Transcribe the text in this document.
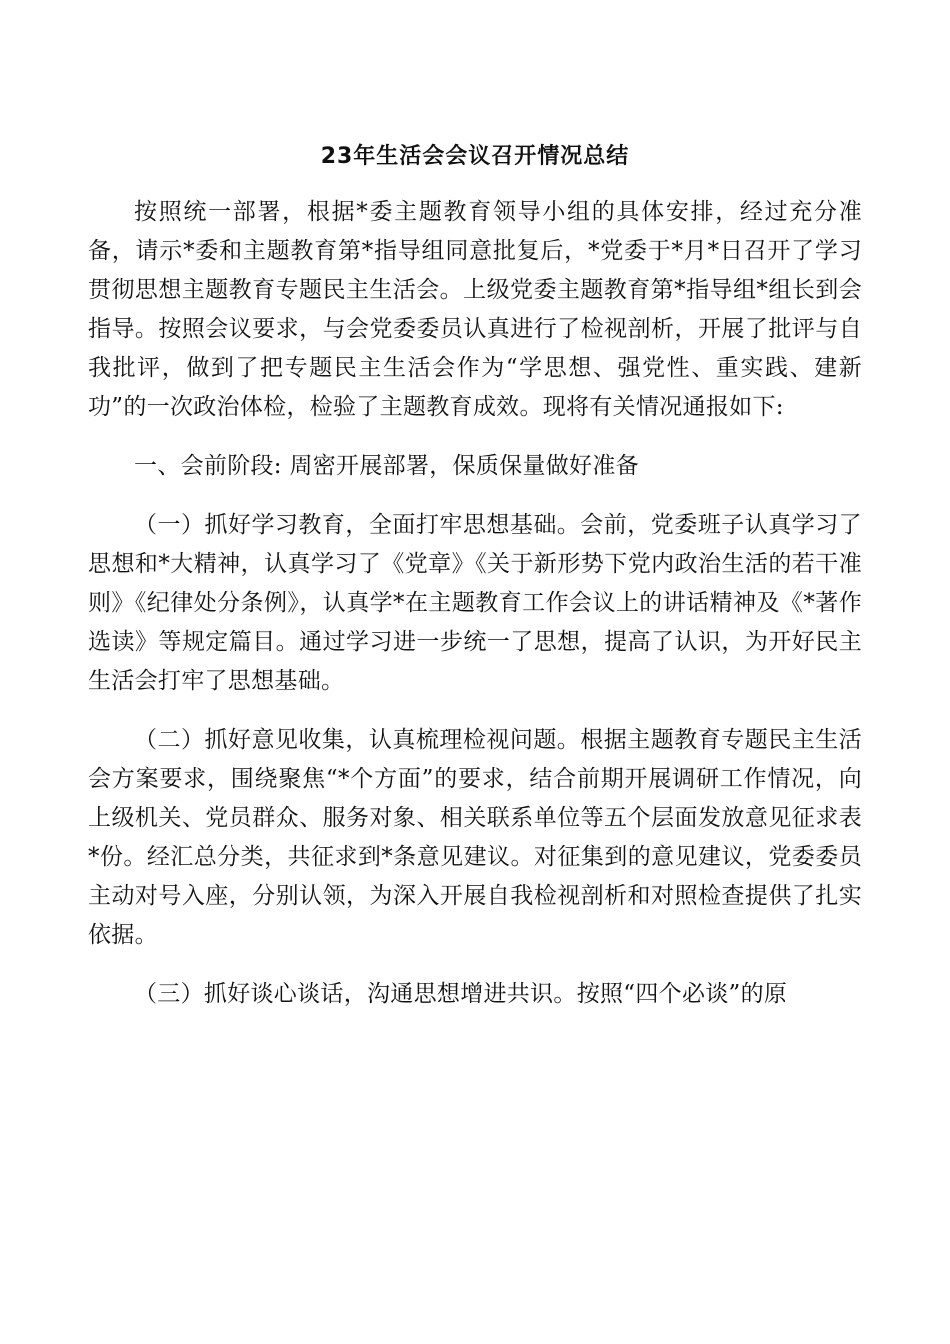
23年生活会会议召开情况总结

按照统一部署，根据*委主题教育领导小组的具体安排，经过充分准备，请示*委和主题教育第*指导组同意批复后，*党委于*月*日召开了学习贯彻思想主题教育专题民主生活会。上级党委主题教育第*指导组*组长到会指导。按照会议要求，与会党委委员认真进行了检视剖析，开展了批评与自我批评，做到了把专题民主生活会作为“学思想、强党性、重实践、建新功”的一次政治体检，检验了主题教育成效。现将有关情况通报如下:

一、会前阶段: 周密开展部署，保质保量做好准备

（一）抓好学习教育，全面打牢思想基础。会前，党委班子认真学习了思想和*大精神，认真学习了《党章》《关于新形势下党内政治生活的若干准则》《纪律处分条例》，认真学*在主题教育工作会议上的讲话精神及《*著作选读》等规定篇目。通过学习进一步统一了思想，提高了认识，为开好民主生活会打牢了思想基础。

（二）抓好意见收集，认真梳理检视问题。根据主题教育专题民主生活会方案要求，围绕聚焦“*个方面”的要求，结合前期开展调研工作情况，向上级机关、党员群众、服务对象、相关联系单位等五个层面发放意见征求表*份。经汇总分类，共征求到*条意见建议。对征集到的意见建议，党委委员主动对号入座，分别认领，为深入开展自我检视剖析和对照检查提供了扎实依据。

（三）抓好谈心谈话，沟通思想增进共识。按照“四个必谈”的原
